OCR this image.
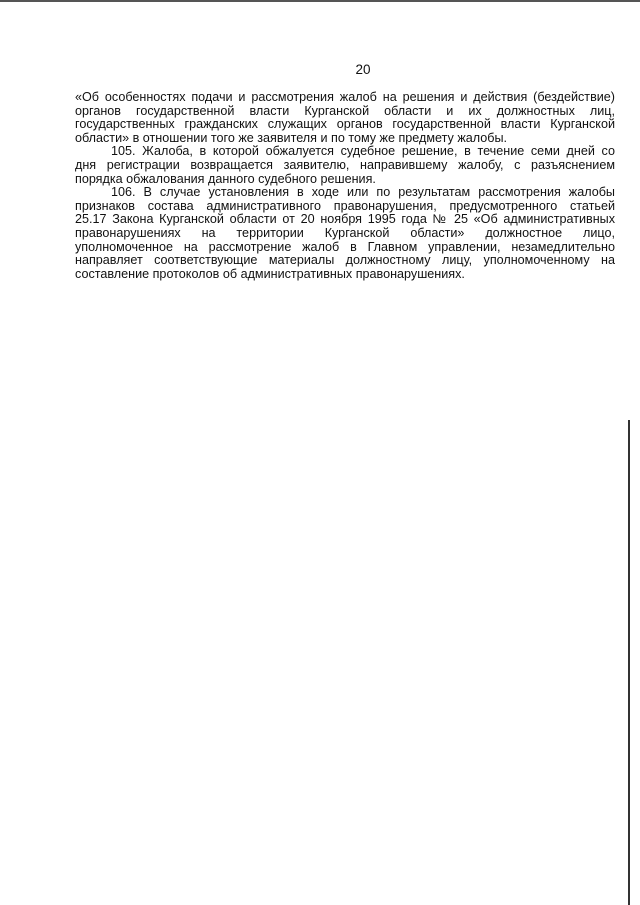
20
«Об особенностях подачи и рассмотрения жалоб на решения и действия (бездействие)
органов государственной власти Курганской области и их должностных лиц,
государственных гражданских служащих органов государственной власти Курганской
области» в отношении того же заявителя и по тому же предмету жалобы.
105. Жалоба, в которой обжалуется судебное решение, в течение семи дней со
дня регистрации возвращается заявителю, направившему жалобу, с разъяснением
порядка обжалования данного судебного решения.
106. В случае установления в ходе или по результатам рассмотрения жалобы
признаков состава административного правонарушения, предусмотренного статьей
25.17 Закона Курганской области от 20 ноября 1995 года № 25 «Об административных
правонарушениях на территории Курганской области» должностное лицо,
уполномоченное на рассмотрение жалоб в Главном управлении, незамедлительно
направляет соответствующие материалы должностному лицу, уполномоченному на
составление протоколов об административных правонарушениях.
